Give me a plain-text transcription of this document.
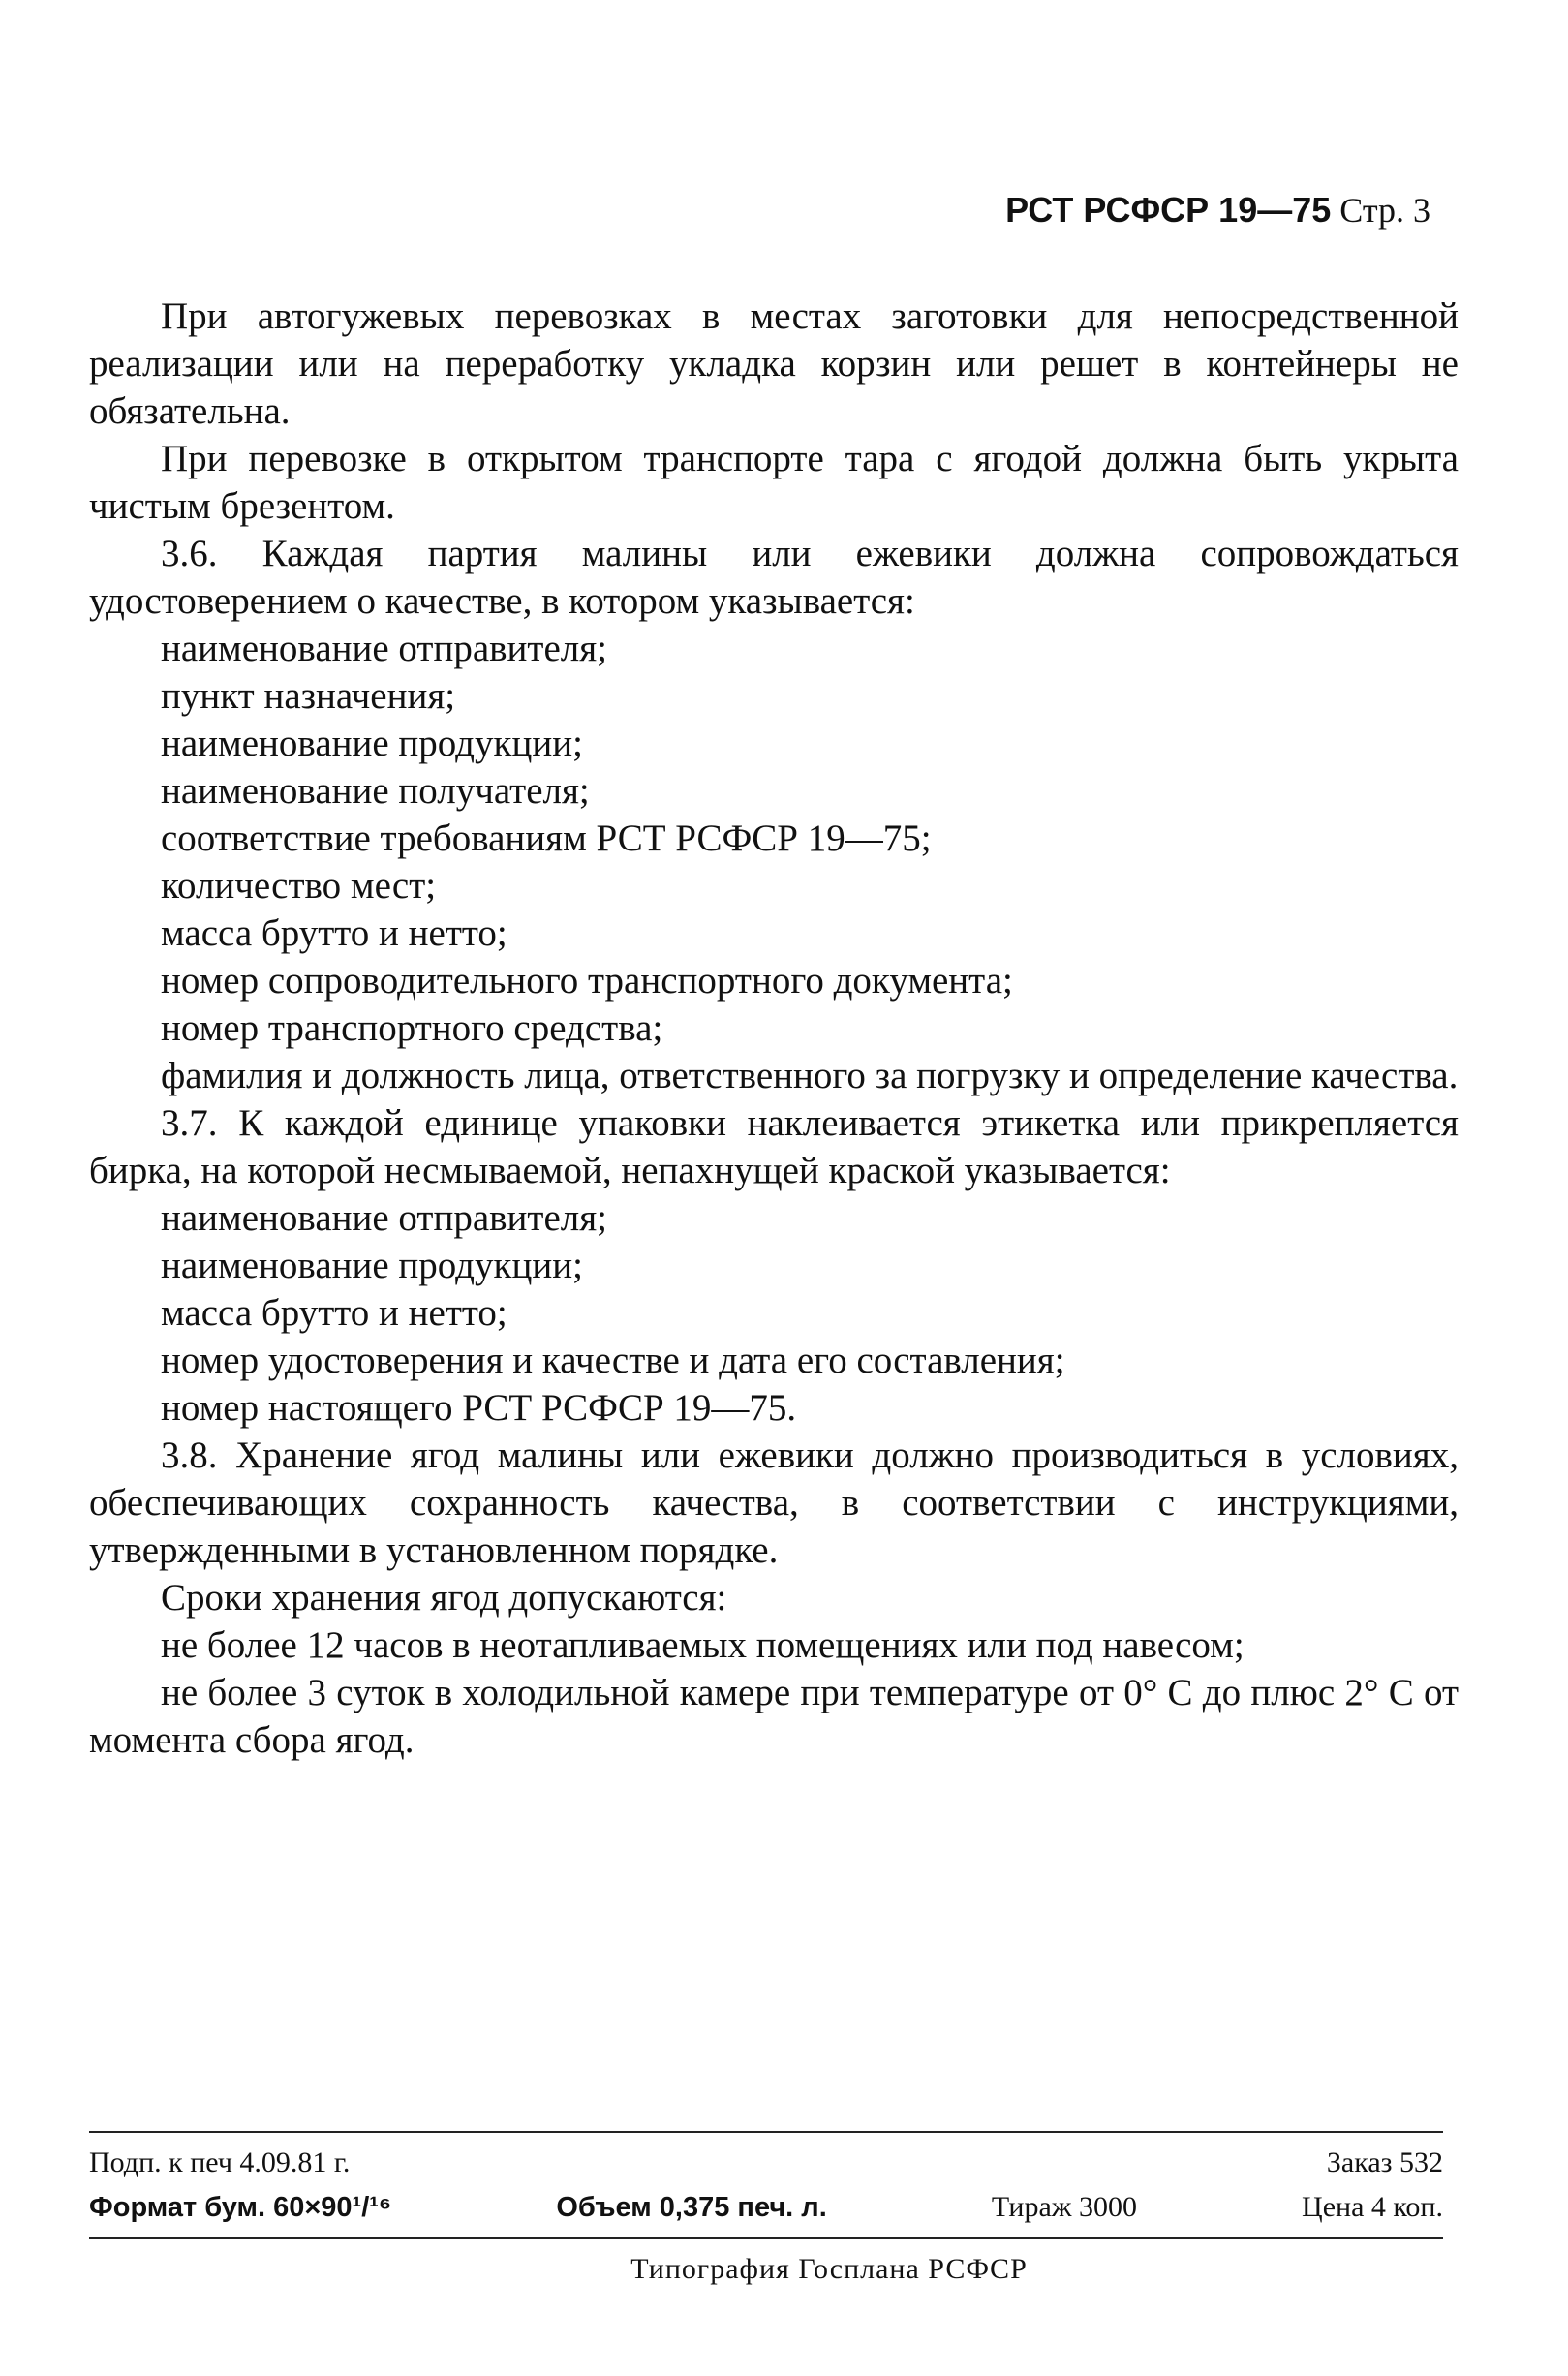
РСТ РСФСР 19—75 Стр. 3

При автогужевых перевозках в местах заготовки для непосредственной реализации или на переработку укладка корзин или решет в контейнеры не обязательна.

При перевозке в открытом транспорте тара с ягодой должна быть укрыта чистым брезентом.

3.6. Каждая партия малины или ежевики должна сопровождаться удостоверением о качестве, в котором указывается:

наименование отправителя;

пункт назначения;

наименование продукции;

наименование получателя;

соответствие требованиям РСТ РСФСР 19—75;

количество мест;

масса брутто и нетто;

номер сопроводительного транспортного документа;

номер транспортного средства;

фамилия и должность лица, ответственного за погрузку и определение качества.

3.7. К каждой единице упаковки наклеивается этикетка или прикрепляется бирка, на которой несмываемой, непахнущей краской указывается:

наименование отправителя;

наименование продукции;

масса брутто и нетто;

номер удостоверения и качестве и дата его составления;

номер настоящего РСТ РСФСР 19—75.

3.8. Хранение ягод малины или ежевики должно производиться в условиях, обеспечивающих сохранность качества, в соответствии с инструкциями, утвержденными в установленном порядке.

Сроки хранения ягод допускаются:

не более 12 часов в неотапливаемых помещениях или под навесом;

не более 3 суток в холодильной камере при температуре от 0° С до плюс 2° С от момента сбора ягод.

Подп. к печ 4.09.81 г.	Заказ 532
Формат бум. 60×90¹/¹⁶	Объем 0,375 печ. л.	Тираж 3000	Цена 4 коп.
Типография Госплана РСФСР
